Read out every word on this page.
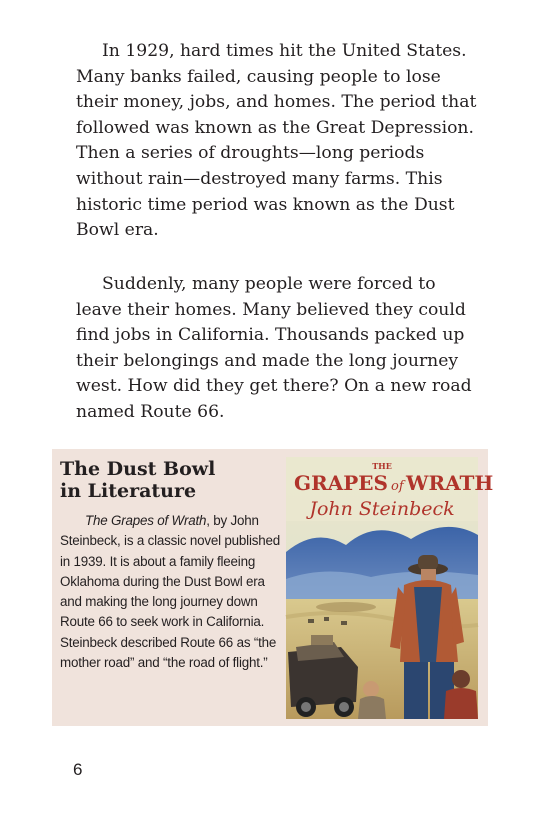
In 1929, hard times hit the United States. Many banks failed, causing people to lose their money, jobs, and homes. The period that followed was known as the Great Depression. Then a series of droughts—long periods without rain—destroyed many farms. This historic time period was known as the Dust Bowl era.

Suddenly, many people were forced to leave their homes. Many believed they could find jobs in California. Thousands packed up their belongings and made the long journey west. How did they get there? On a new road named Route 66.

The Dust Bowl
in Literature

The Grapes of Wrath, by John Steinbeck, is a classic novel published in 1939. It is about a family fleeing Oklahoma during the Dust Bowl era and making the long journey down Route 66 to seek work in California. Steinbeck described Route 66 as “the mother road” and “the road of flight.”

THE
GRAPES of WRATH
John Steinbeck
6
